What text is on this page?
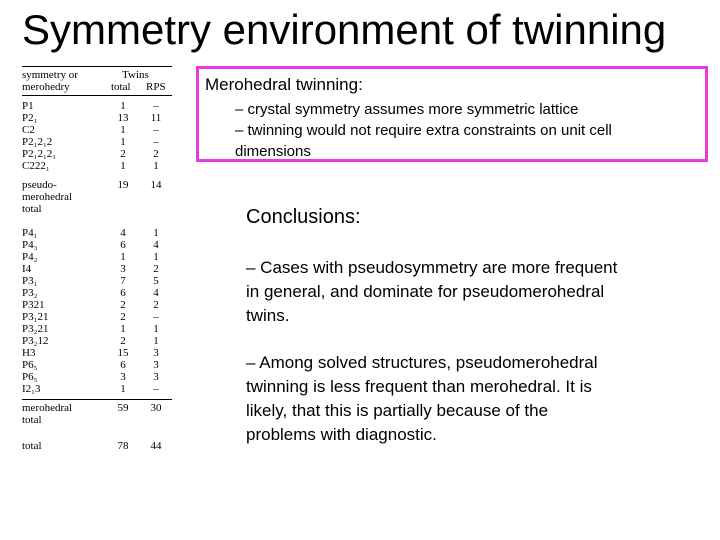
Symmetry environment of twinning
symmetry or
merohedry
Twins
total RPS
P1	1	–
P2₁	13 11
C2	1	–
P2₁2₁2	1	–
P2₁2₁2₁	2	2
C222₁	1	1
pseudo-
merohedral
total
19 14
P4₁	4	1
P4₃	6	4
P4₂	1	1
I4	3	2
P3₁	7	5
P3₂	6	4
P321	2	2
P3₁21	2	–
P3₂21	1	1
P3₂12	2	1
H3	15	3
P6₅	6	3
P6₅	3	3
I2₁3	1	–
merohedral
total
59 30
total	78 44
Merohedral twinning:
– crystal symmetry assumes more symmetric lattice
– twinning would not require extra constraints on unit cell
dimensions
Conclusions:
– Cases with pseudosymmetry are more frequent
in general, and dominate for pseudomerohedral
twins.
– Among solved structures, pseudomerohedral
twinning is less frequent than merohedral. It is
likely, that this is partially because of the
problems with diagnostic.
